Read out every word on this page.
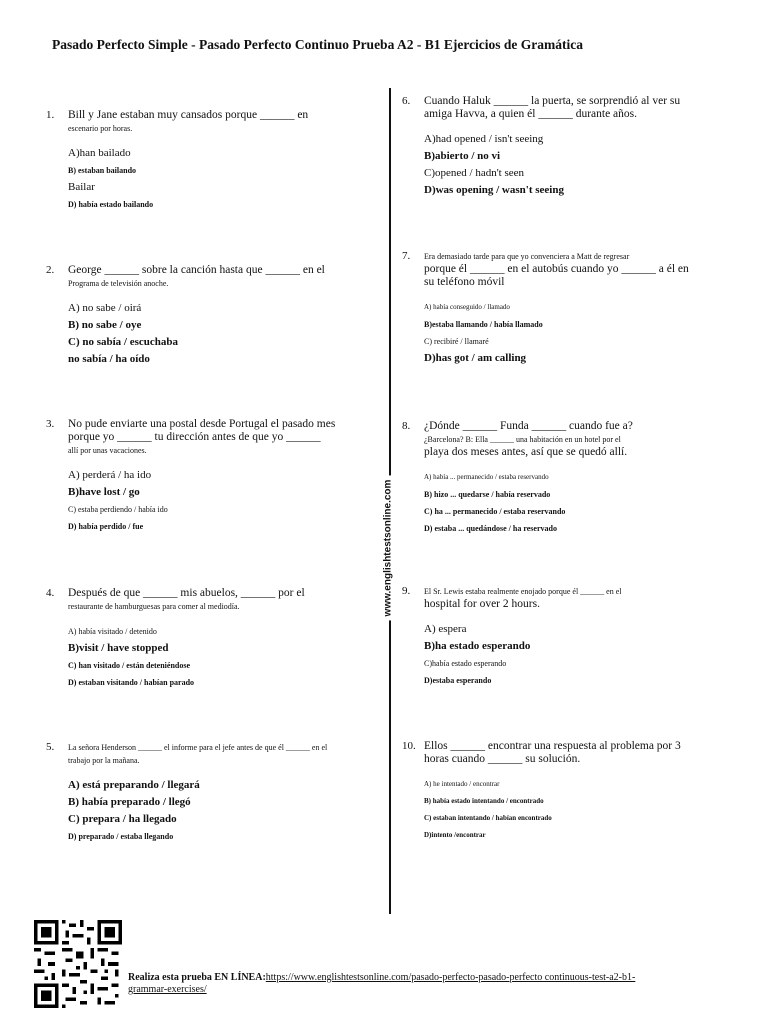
Pasado Perfecto Simple - Pasado Perfecto Continuo Prueba A2 - B1 Ejercicios de Gramática
www.englishtestsonline.com
1. Bill y Jane estaban muy cansados porque ______ en
escenario por horas.
A)han bailado
B) estaban bailando
Bailar
D) había estado bailando
2. George ______ sobre la canción hasta que ______ en el
Programa de televisión anoche.
A) no sabe / oirá
B) no sabe / oye
C) no sabía / escuchaba
no sabía / ha oído
3. No pude enviarte una postal desde Portugal el pasado mes porque yo ______ tu dirección antes de que yo ______
allí por unas vacaciones.
A) perderá / ha ido
B)have lost / go
C) estaba perdiendo / había ido
D) había perdido / fue
4. Después de que ______ mis abuelos, ______ por el
restaurante de hamburguesas para comer al mediodía.
A) había visitado / detenido
B)visit / have stopped
C) han visitado / están deteniéndose
D) estaban visitando / habían parado
5. La señora Henderson ______ el informe para el jefe antes de que él ______ en el trabajo por la mañana.
A) está preparando / llegará
B) había preparado / llegó
C) prepara / ha llegado
D) preparado / estaba llegando
6. Cuando Haluk ______ la puerta, se sorprendió al ver su amiga Havva, a quien él ______ durante años.
A)had opened / isn't seeing
B)abierto / no vi
C)opened / hadn't seen
D)was opening / wasn't seeing
7. Era demasiado tarde para que yo convenciera a Matt de regresar
porque él ______ en el autobús cuando yo ______ a él en su teléfono móvil
A) había conseguido / llamado
B)estaba llamando / había llamado
C) recibiré / llamaré
D)has got / am calling
8. ¿Dónde ______ Funda ______ cuando fue a?
¿Barcelona? B: Ella ______ una habitación en un hotel por el
playa dos meses antes, así que se quedó allí.
A) había ... permanecido / estaba reservando
B) hizo ... quedarse / había reservado
C) ha ... permanecido / estaba reservando
D) estaba ... quedándose / ha reservado
9. El Sr. Lewis estaba realmente enojado porque él ______ en el
hospital for over 2 hours.
A) espera
B)ha estado esperando
C)había estado esperando
D)estaba esperando
10. Ellos ______ encontrar una respuesta al problema por 3 horas cuando ______ su solución.
A) he intentado / encontrar
B) había estado intentando / encontrado
C) estaban intentando / habían encontrado
D)intento /encontrar
Realiza esta prueba EN LÍNEA:https://www.englishtestsonline.com/pasado-perfecto-pasado-perfecto continuous-test-a2-b1-grammar-exercises/
